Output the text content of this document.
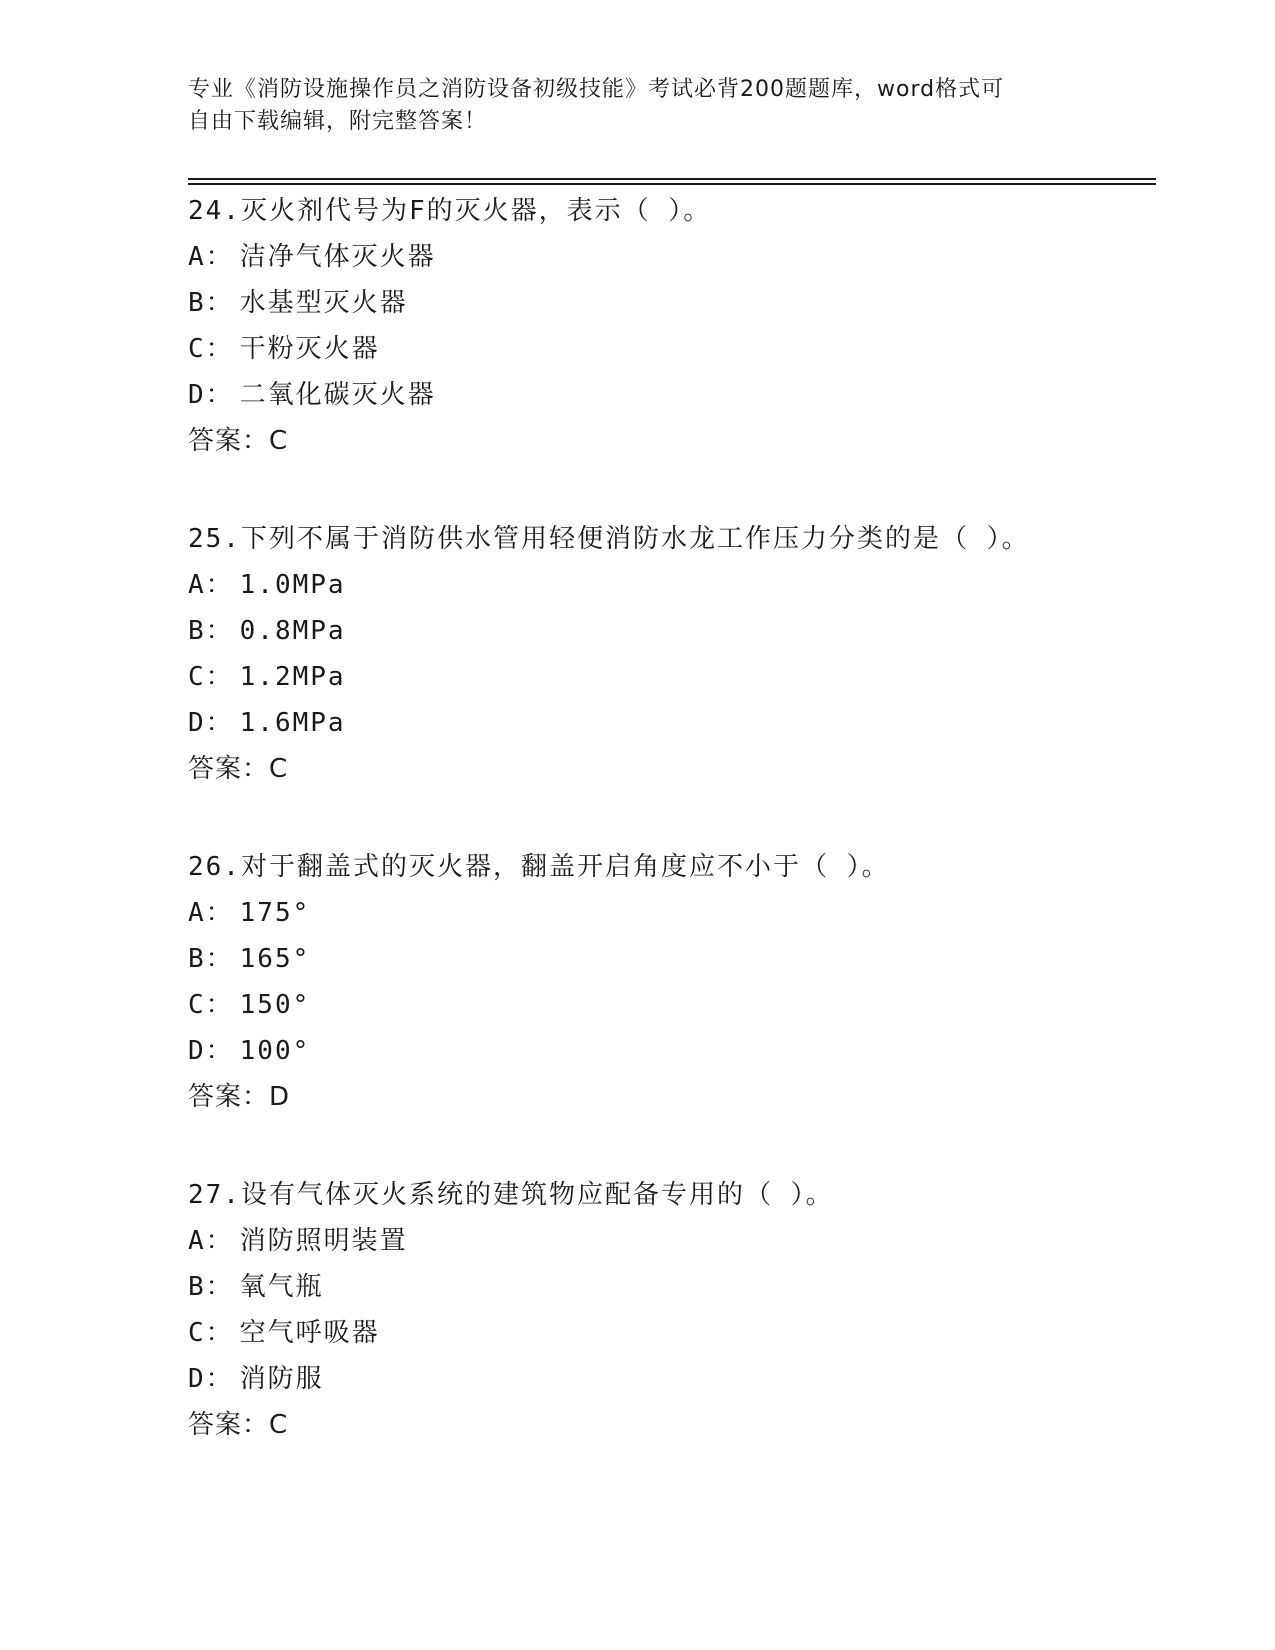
专业《消防设施操作员之消防设备初级技能》考试必背200题题库，word格式可
自由下载编辑，附完整答案！
24.灭火剂代号为F的灭火器，表示（ ）。
A： 洁净气体灭火器
B： 水基型灭火器
C： 干粉灭火器
D： 二氧化碳灭火器
答案：C
25.下列不属于消防供水管用轻便消防水龙工作压力分类的是（ ）。
A： 1.0MPa
B： 0.8MPa
C： 1.2MPa
D： 1.6MPa
答案：C
26.对于翻盖式的灭火器，翻盖开启角度应不小于（ ）。
A： 175°
B： 165°
C： 150°
D： 100°
答案：D
27.设有气体灭火系统的建筑物应配备专用的（ ）。
A： 消防照明装置
B： 氧气瓶
C： 空气呼吸器
D： 消防服
答案：C
